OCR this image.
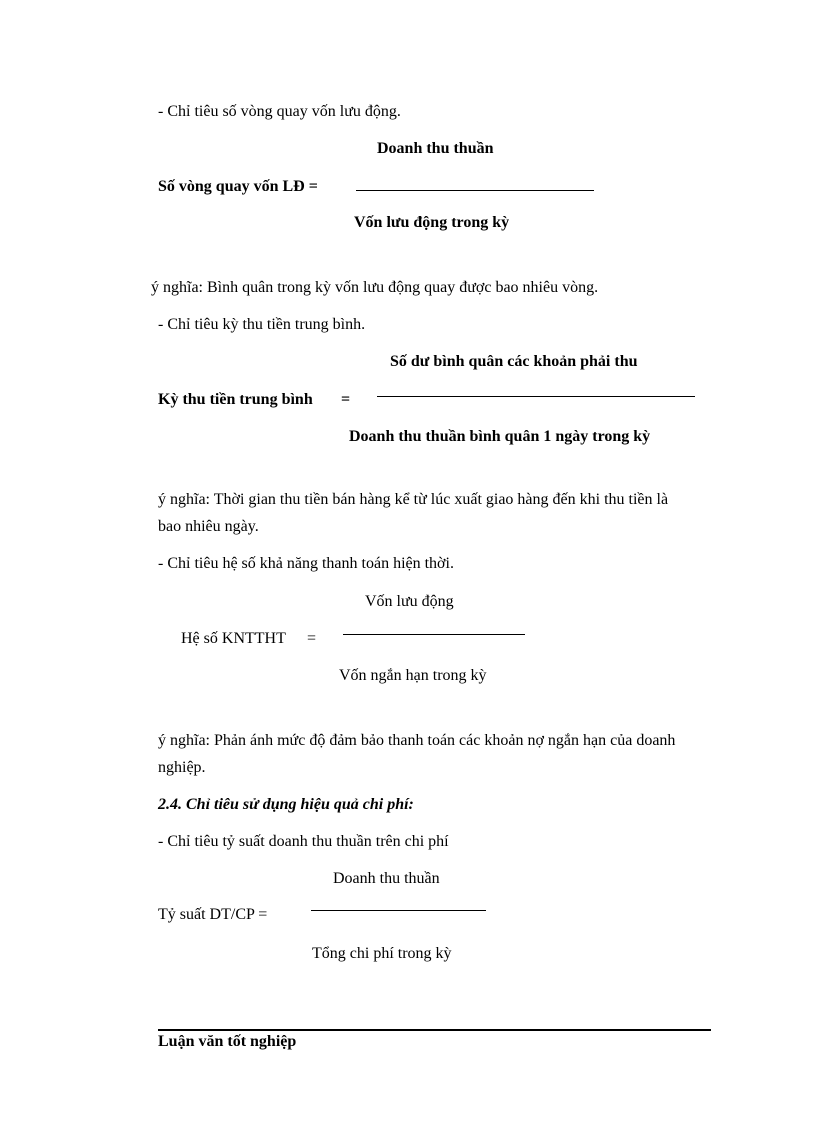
- Chỉ tiêu số vòng quay vốn lưu động.
Doanh thu thuần
Số vòng quay vốn LĐ =
Vốn lưu động trong kỳ
ý nghĩa: Bình quân trong kỳ vốn lưu động quay được bao nhiêu vòng.
- Chỉ tiêu kỳ thu tiền trung bình.
Số dư bình quân các khoản phải thu
Kỳ thu tiền trung bình =
Doanh thu thuần bình quân 1 ngày trong kỳ
ý nghĩa: Thời gian thu tiền bán hàng kể từ lúc xuất giao hàng đến khi thu tiền là
bao nhiêu ngày.
- Chỉ tiêu hệ số khả năng thanh toán hiện thời.
Vốn lưu động
Hệ số KNTTHT =
Vốn ngắn hạn trong kỳ
ý nghĩa: Phản ánh mức độ đảm bảo thanh toán các khoản nợ ngắn hạn của doanh
nghiệp.
2.4. Chỉ tiêu sử dụng hiệu quả chi phí:
- Chỉ tiêu tỷ suất doanh thu thuần trên chi phí
Doanh thu thuần
Tỷ suất DT/CP =
Tổng chi phí trong kỳ
Luận văn tốt nghiệp
